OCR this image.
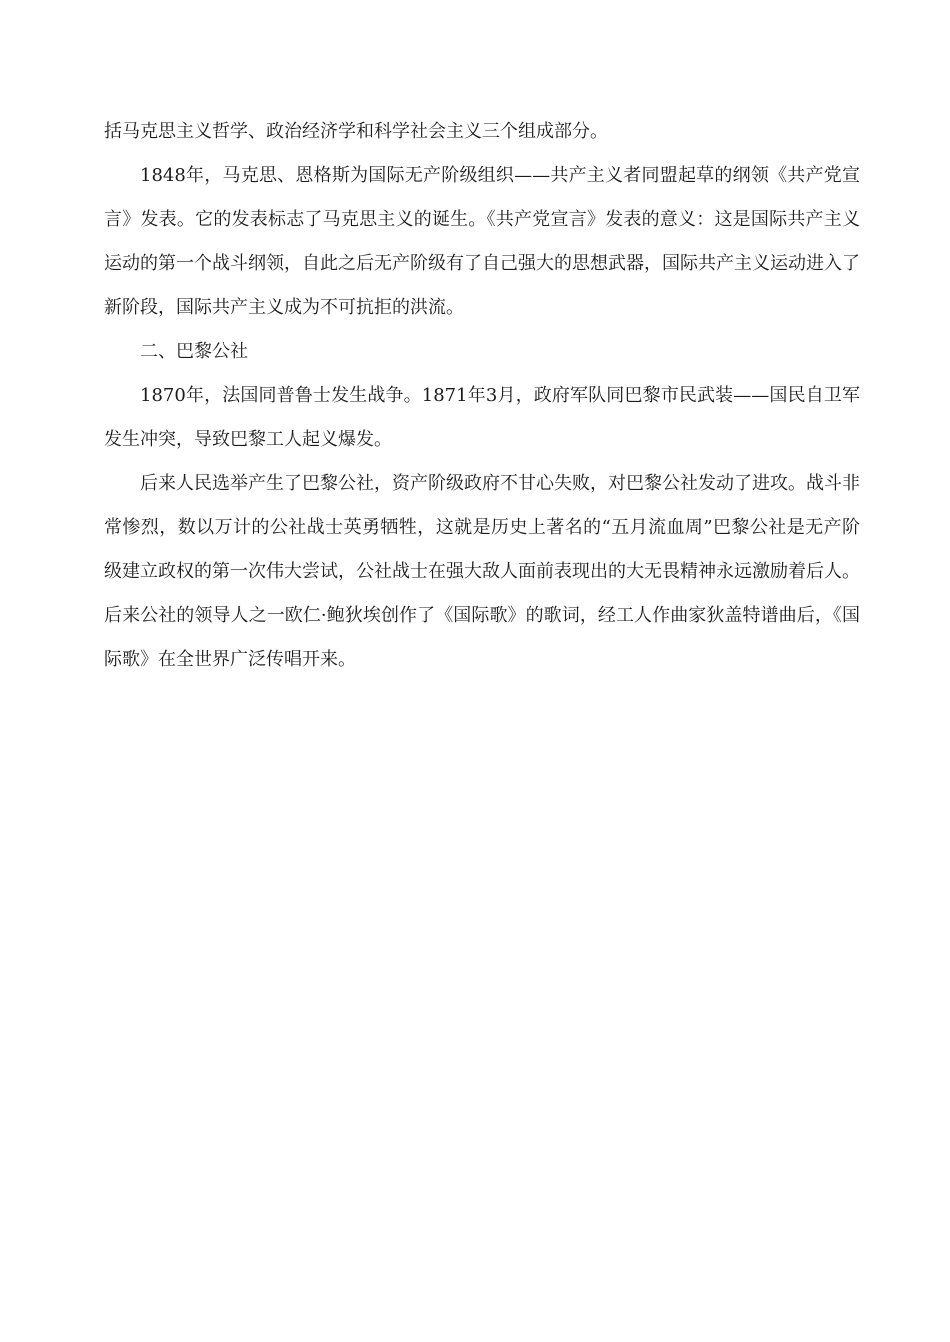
括马克思主义哲学、政治经济学和科学社会主义三个组成部分。

1848年，马克思、恩格斯为国际无产阶级组织——共产主义者同盟起草的纲领《共产党宣言》发表。它的发表标志了马克思主义的诞生。《共产党宣言》发表的意义：这是国际共产主义运动的第一个战斗纲领，自此之后无产阶级有了自己强大的思想武器，国际共产主义运动进入了新阶段，国际共产主义成为不可抗拒的洪流。

二、巴黎公社

1870年，法国同普鲁士发生战争。1871年3月，政府军队同巴黎市民武装——国民自卫军发生冲突，导致巴黎工人起义爆发。

后来人民选举产生了巴黎公社，资产阶级政府不甘心失败，对巴黎公社发动了进攻。战斗非常惨烈，数以万计的公社战士英勇牺牲，这就是历史上著名的“五月流血周”巴黎公社是无产阶级建立政权的第一次伟大尝试，公社战士在强大敌人面前表现出的大无畏精神永远激励着后人。后来公社的领导人之一欧仁·鲍狄埃创作了《国际歌》的歌词，经工人作曲家狄盖特谱曲后，《国际歌》在全世界广泛传唱开来。
